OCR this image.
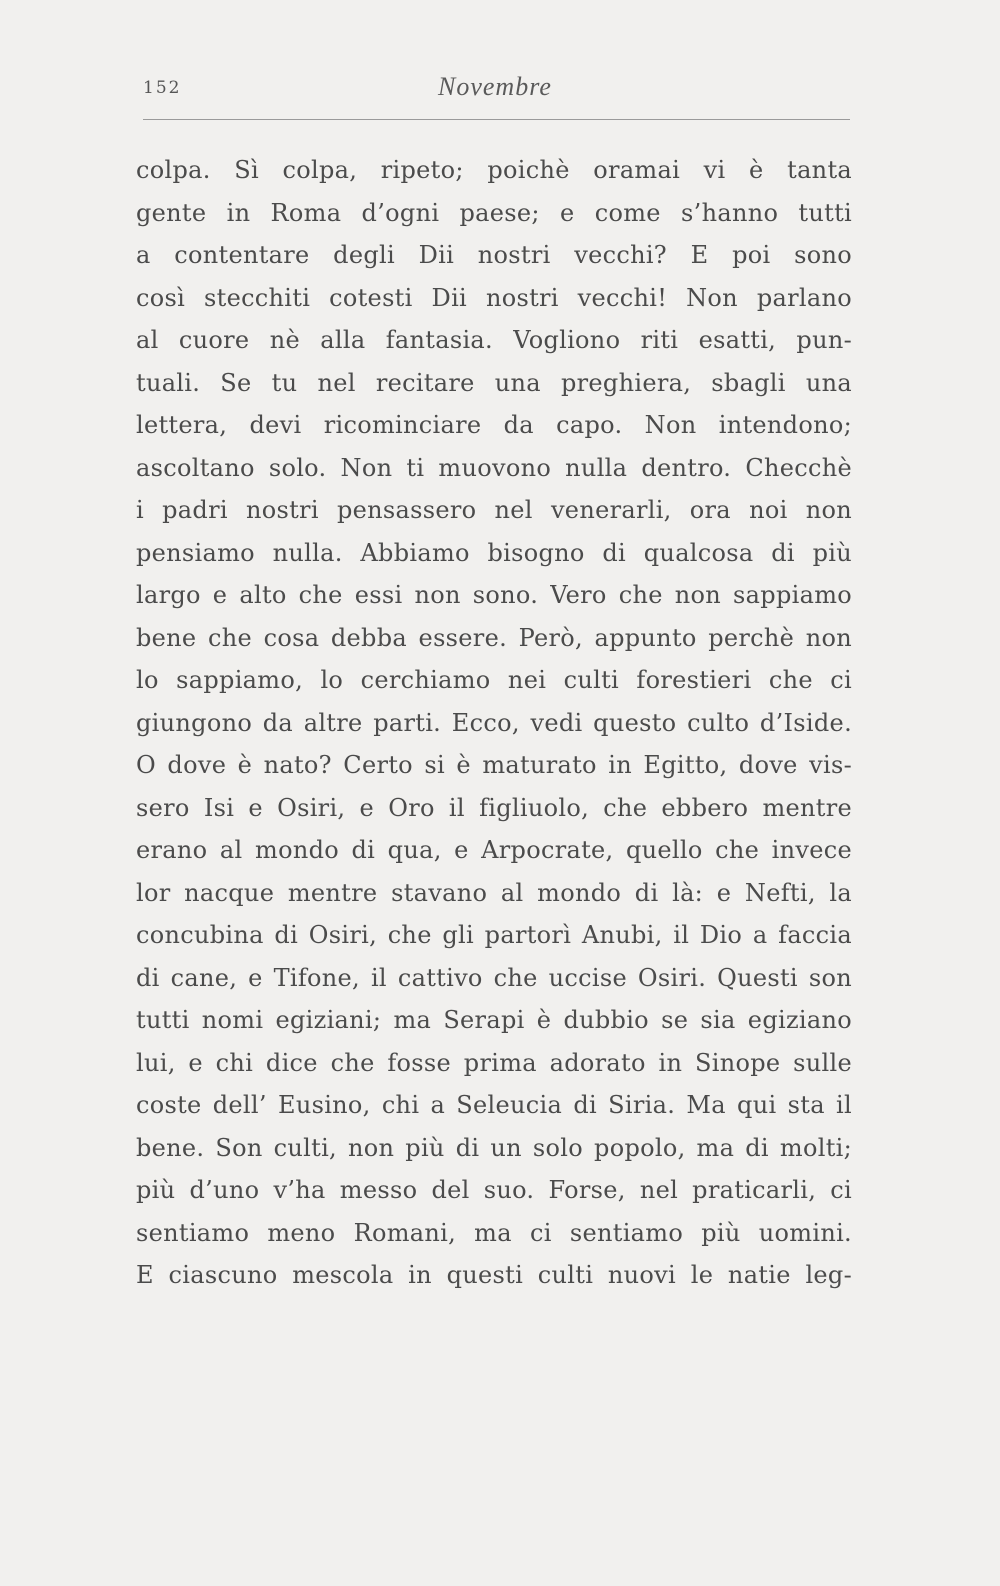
152	Novembre
colpa. Sì colpa, ripeto; poichè oramai vi è tanta
gente in Roma d’ogni paese; e come s’hanno tutti
a contentare degli Dii nostri vecchi? E poi sono
così stecchiti cotesti Dii nostri vecchi! Non parlano
al cuore nè alla fantasia. Vogliono riti esatti, pun-
tuali. Se tu nel recitare una preghiera, sbagli una
lettera, devi ricominciare da capo. Non intendono;
ascoltano solo. Non ti muovono nulla dentro. Checchè
i padri nostri pensassero nel venerarli, ora noi non
pensiamo nulla. Abbiamo bisogno di qualcosa di più
largo e alto che essi non sono. Vero che non sappiamo
bene che cosa debba essere. Però, appunto perchè non
lo sappiamo, lo cerchiamo nei culti forestieri che ci
giungono da altre parti. Ecco, vedi questo culto d’Iside.
O dove è nato? Certo si è maturato in Egitto, dove vis-
sero Isi e Osiri, e Oro il figliuolo, che ebbero mentre
erano al mondo di qua, e Arpocrate, quello che invece
lor nacque mentre stavano al mondo di là: e Nefti, la
concubina di Osiri, che gli partorì Anubi, il Dio a faccia
di cane, e Tifone, il cattivo che uccise Osiri. Questi son
tutti nomi egiziani; ma Serapi è dubbio se sia egiziano
lui, e chi dice che fosse prima adorato in Sinope sulle
coste dell’ Eusino, chi a Seleucia di Siria. Ma qui sta il
bene. Son culti, non più di un solo popolo, ma di molti;
più d’uno v’ha messo del suo. Forse, nel praticarli, ci
sentiamo meno Romani, ma ci sentiamo più uomini.
E ciascuno mescola in questi culti nuovi le natie leg-
